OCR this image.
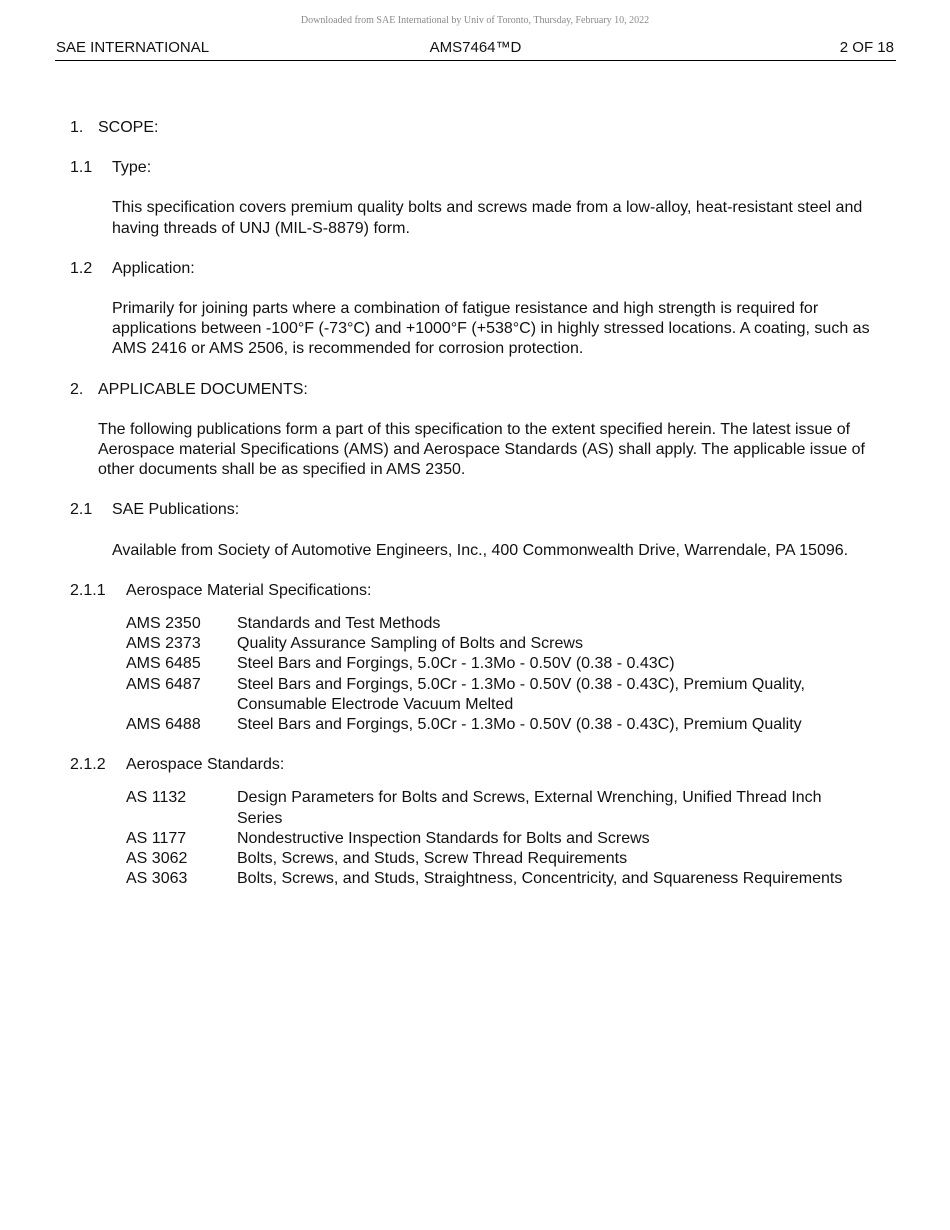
Downloaded from SAE International by Univ of Toronto, Thursday, February 10, 2022
SAE INTERNATIONAL	AMS7464™D	2 OF 18
1. SCOPE:
1.1	Type:
This specification covers premium quality bolts and screws made from a low-alloy, heat-resistant steel and having threads of UNJ (MIL-S-8879) form.
1.2	Application:
Primarily for joining parts where a combination of fatigue resistance and high strength is required for applications between -100°F (-73°C) and +1000°F (+538°C) in highly stressed locations. A coating, such as AMS 2416 or AMS 2506, is recommended for corrosion protection.
2. APPLICABLE DOCUMENTS:
The following publications form a part of this specification to the extent specified herein. The latest issue of Aerospace material Specifications (AMS) and Aerospace Standards (AS) shall apply. The applicable issue of other documents shall be as specified in AMS 2350.
2.1	SAE Publications:
Available from Society of Automotive Engineers, Inc., 400 Commonwealth Drive, Warrendale, PA 15096.
2.1.1	Aerospace Material Specifications:
AMS 2350	Standards and Test Methods
AMS 2373	Quality Assurance Sampling of Bolts and Screws
AMS 6485	Steel Bars and Forgings, 5.0Cr - 1.3Mo - 0.50V (0.38 - 0.43C)
AMS 6487	Steel Bars and Forgings, 5.0Cr - 1.3Mo - 0.50V (0.38 - 0.43C), Premium Quality, Consumable Electrode Vacuum Melted
AMS 6488	Steel Bars and Forgings, 5.0Cr - 1.3Mo - 0.50V (0.38 - 0.43C), Premium Quality
2.1.2	Aerospace Standards:
AS 1132	Design Parameters for Bolts and Screws, External Wrenching, Unified Thread Inch Series
AS 1177	Nondestructive Inspection Standards for Bolts and Screws
AS 3062	Bolts, Screws, and Studs, Screw Thread Requirements
AS 3063	Bolts, Screws, and Studs, Straightness, Concentricity, and Squareness Requirements
